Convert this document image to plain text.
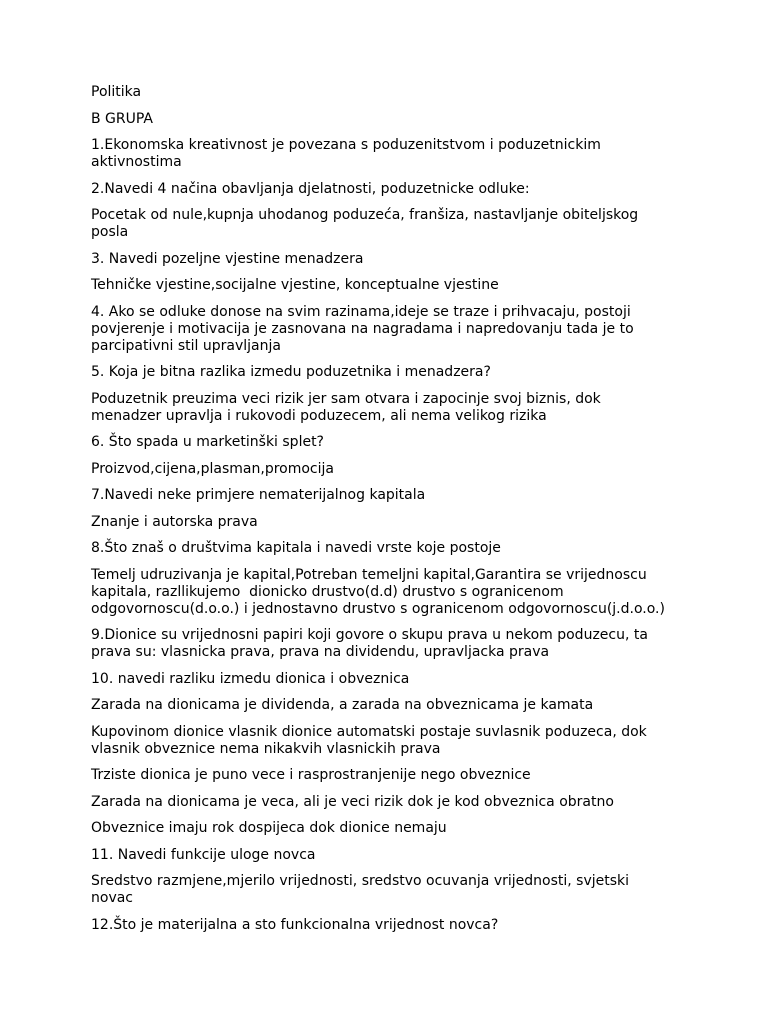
Politika

B GRUPA

1.Ekonomska kreativnost je povezana s poduzenitstvom i poduzetnickim
aktivnostima

2.Navedi 4 načina obavljanja djelatnosti, poduzetnicke odluke:

Pocetak od nule,kupnja uhodanog poduzeća, franšiza, nastavljanje obiteljskog
posla

3. Navedi pozeljne vjestine menadzera

Tehničke vjestine,socijalne vjestine, konceptualne vjestine

4. Ako se odluke donose na svim razinama,ideje se traze i prihvacaju, postoji
povjerenje i motivacija je zasnovana na nagradama i napredovanju tada je to
parcipativni stil upravljanja

5. Koja je bitna razlika izmedu poduzetnika i menadzera?

Poduzetnik preuzima veci rizik jer sam otvara i zapocinje svoj biznis, dok
menadzer upravlja i rukovodi poduzecem, ali nema velikog rizika

6. Što spada u marketinški splet?

Proizvod,cijena,plasman,promocija

7.Navedi neke primjere nematerijalnog kapitala

Znanje i autorska prava

8.Što znaš o društvima kapitala i navedi vrste koje postoje

Temelj udruzivanja je kapital,Potreban temeljni kapital,Garantira se vrijednoscu
kapitala, razllikujemo  dionicko drustvo(d.d) drustvo s ogranicenom
odgovornoscu(d.o.o.) i jednostavno drustvo s ogranicenom odgovornoscu(j.d.o.o.)

9.Dionice su vrijednosni papiri koji govore o skupu prava u nekom poduzecu, ta
prava su: vlasnicka prava, prava na dividendu, upravljacka prava

10. navedi razliku izmedu dionica i obveznica

Zarada na dionicama je dividenda, a zarada na obveznicama je kamata

Kupovinom dionice vlasnik dionice automatski postaje suvlasnik poduzeca, dok
vlasnik obveznice nema nikakvih vlasnickih prava

Trziste dionica je puno vece i rasprostranjenije nego obveznice

Zarada na dionicama je veca, ali je veci rizik dok je kod obveznica obratno

Obveznice imaju rok dospijeca dok dionice nemaju

11. Navedi funkcije uloge novca

Sredstvo razmjene,mjerilo vrijednosti, sredstvo ocuvanja vrijednosti, svjetski
novac

12.Što je materijalna a sto funkcionalna vrijednost novca?
